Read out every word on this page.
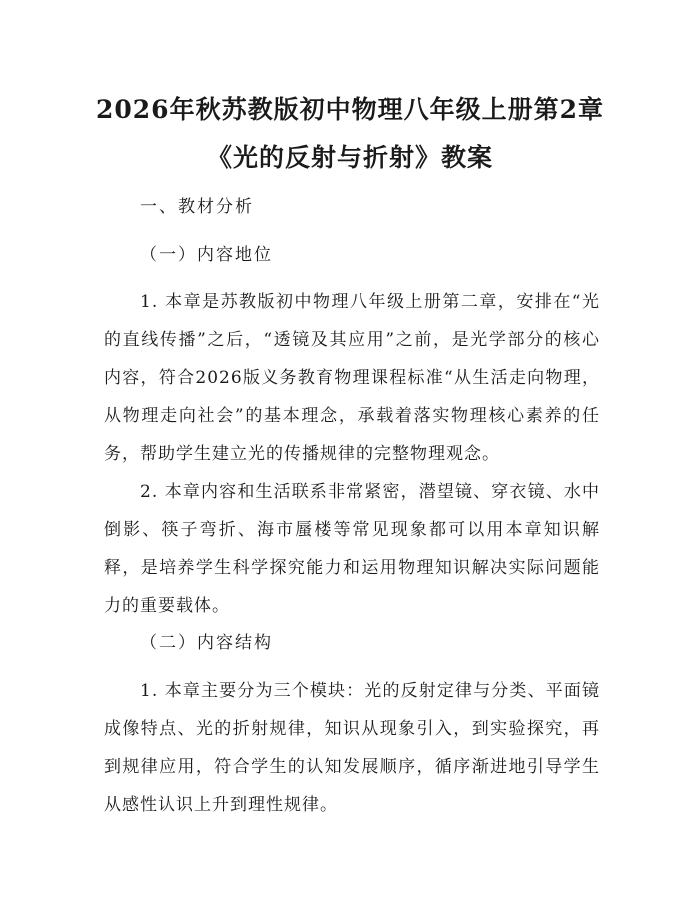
2026年秋苏教版初中物理八年级上册第2章
《光的反射与折射》教案
一、教材分析
（一）内容地位

1. 本章是苏教版初中物理八年级上册第二章，安排在“光的直线传播”之后，“透镜及其应用”之前，是光学部分的核心内容，符合2026版义务教育物理课程标准“从生活走向物理，从物理走向社会”的基本理念，承载着落实物理核心素养的任务，帮助学生建立光的传播规律的完整物理观念。

2. 本章内容和生活联系非常紧密，潜望镜、穿衣镜、水中倒影、筷子弯折、海市蜃楼等常见现象都可以用本章知识解释，是培养学生科学探究能力和运用物理知识解决实际问题能力的重要载体。

（二）内容结构

1. 本章主要分为三个模块：光的反射定律与分类、平面镜成像特点、光的折射规律，知识从现象引入，到实验探究，再到规律应用，符合学生的认知发展顺序，循序渐进地引导学生从感性认识上升到理性规律。
